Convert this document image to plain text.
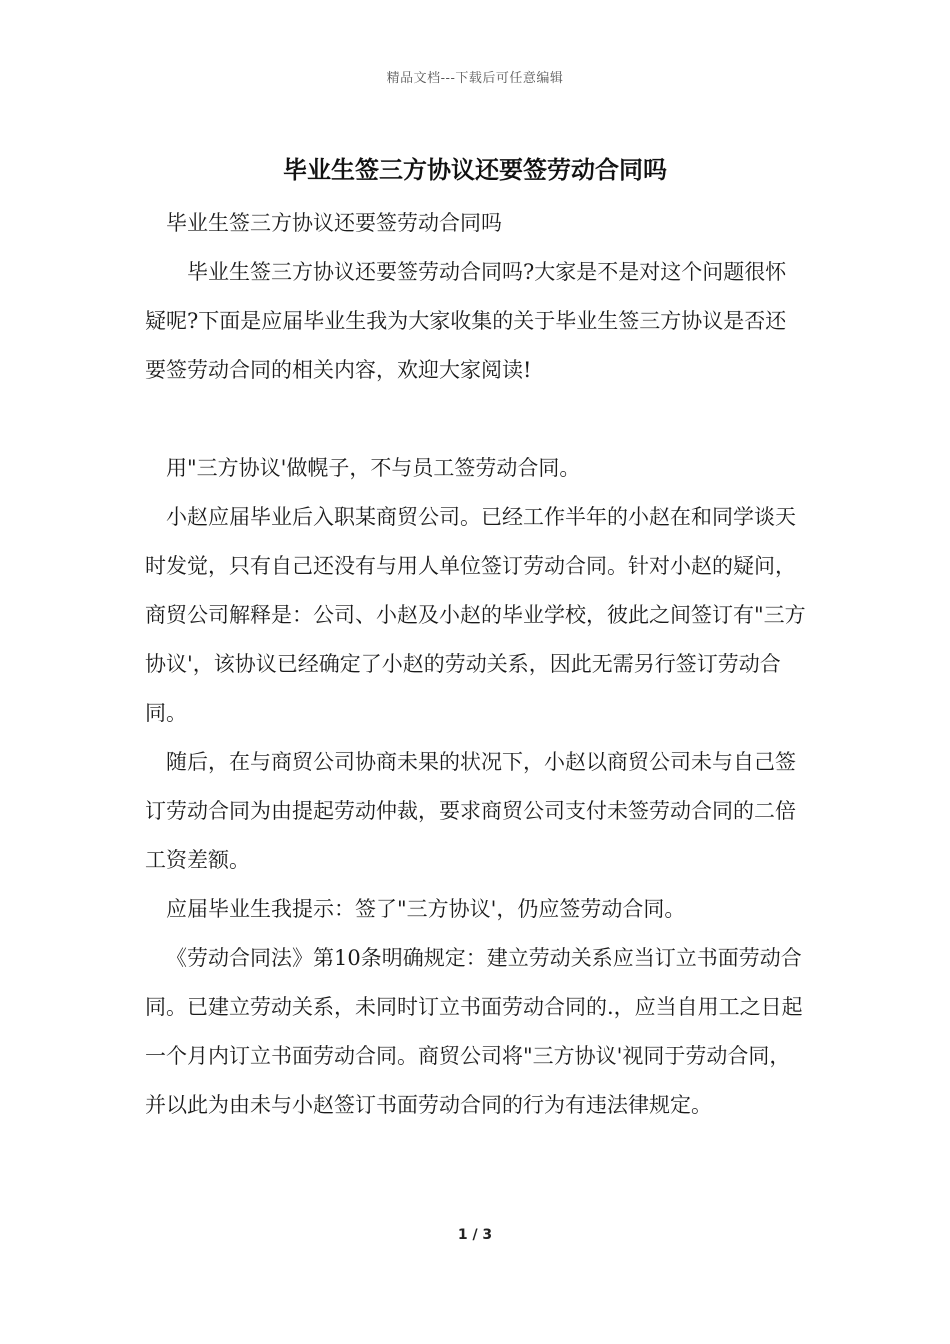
精品文档---下载后可任意编辑
毕业生签三方协议还要签劳动合同吗

毕业生签三方协议还要签劳动合同吗

毕业生签三方协议还要签劳动合同吗?大家是不是对这个问题很怀疑呢?下面是应届毕业生我为大家收集的关于毕业生签三方协议是否还要签劳动合同的相关内容，欢迎大家阅读!

用"三方协议'做幌子，不与员工签劳动合同。

小赵应届毕业后入职某商贸公司。已经工作半年的小赵在和同学谈天时发觉，只有自己还没有与用人单位签订劳动合同。针对小赵的疑问，商贸公司解释是：公司、小赵及小赵的毕业学校，彼此之间签订有"三方协议'，该协议已经确定了小赵的劳动关系，因此无需另行签订劳动合同。

随后，在与商贸公司协商未果的状况下，小赵以商贸公司未与自己签订劳动合同为由提起劳动仲裁，要求商贸公司支付未签劳动合同的二倍工资差额。

应届毕业生我提示：签了"三方协议'，仍应签劳动合同。

《劳动合同法》第10条明确规定：建立劳动关系应当订立书面劳动合同。已建立劳动关系，未同时订立书面劳动合同的.，应当自用工之日起一个月内订立书面劳动合同。商贸公司将"三方协议'视同于劳动合同，并以此为由未与小赵签订书面劳动合同的行为有违法律规定。

1 / 3
